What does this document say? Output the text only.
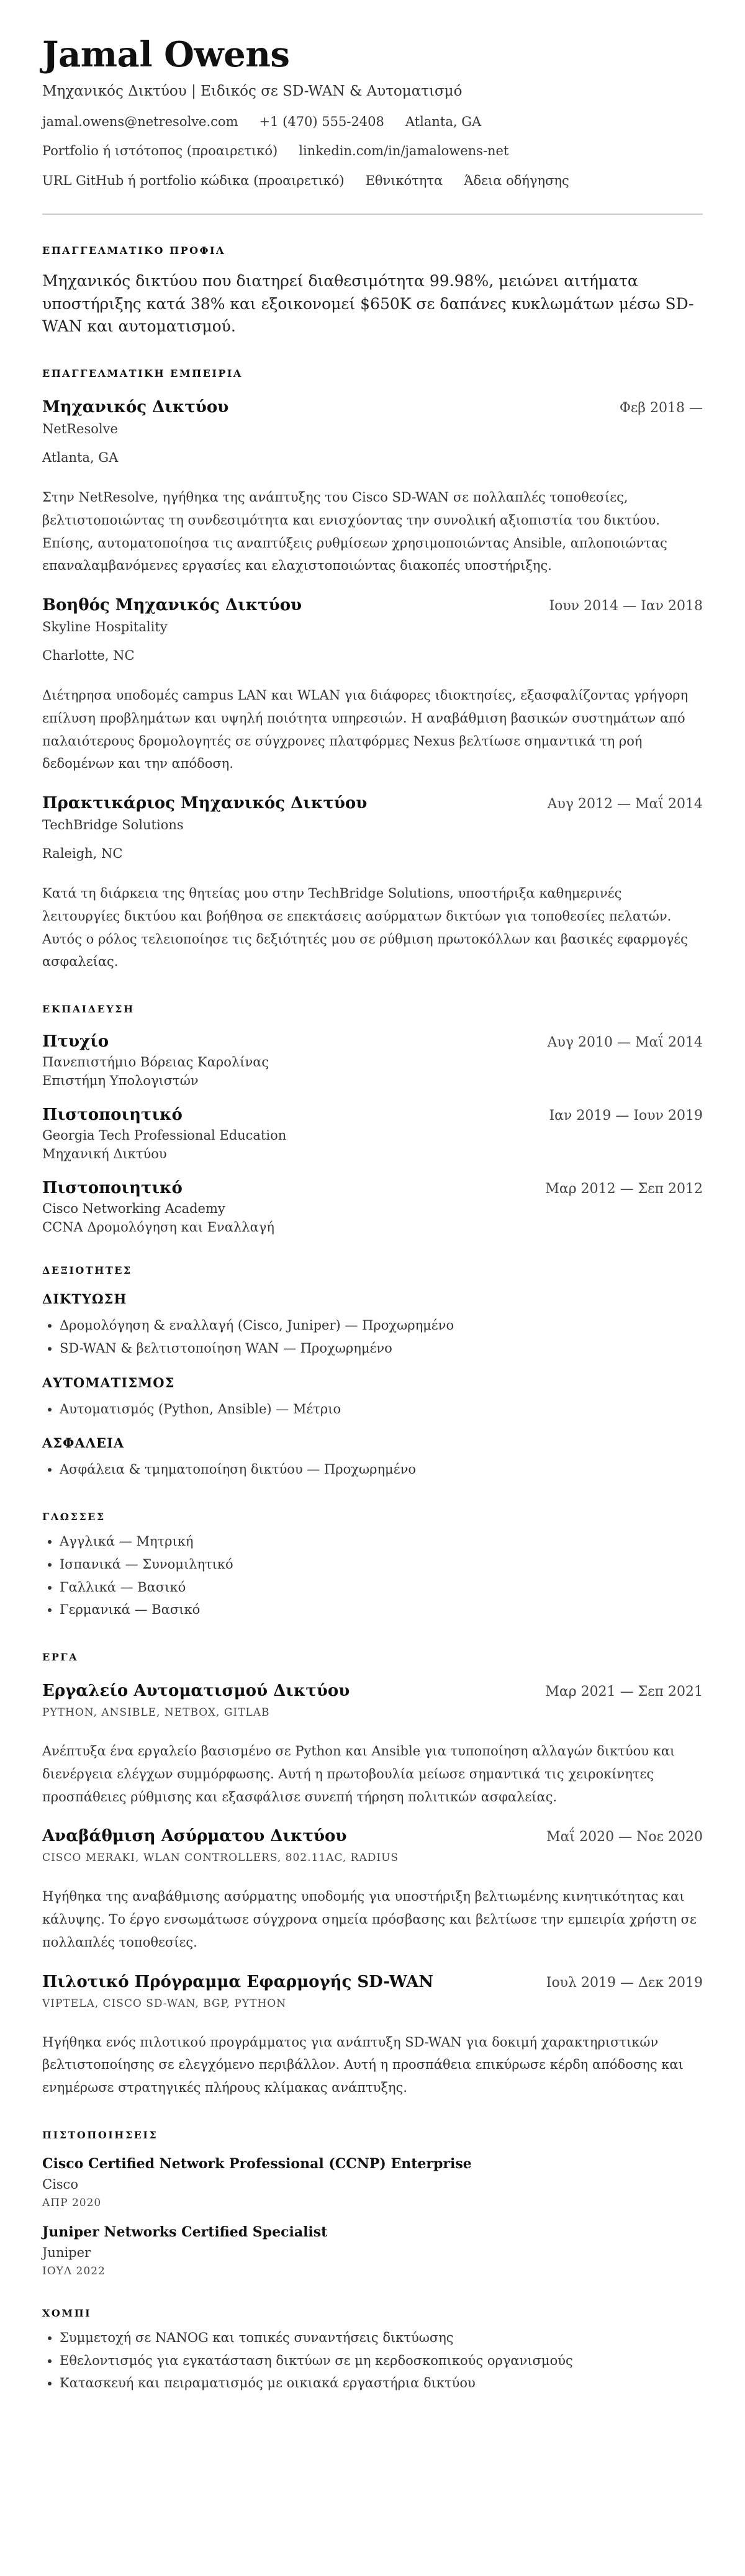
Jamal Owens
Μηχανικός Δικτύου | Ειδικός σε SD-WAN & Αυτοματισμό
jamal.owens@netresolve.com +1 (470) 555-2408 Atlanta, GA
Portfolio ή ιστότοπος (προαιρετικό) linkedin.com/in/jamalowens-net
URL GitHub ή portfolio κώδικα (προαιρετικό) Εθνικότητα Άδεια οδήγησης
ΕΠΑΓΓΕΛΜΑΤΙΚΟ ΠΡΟΦΙΛ

Μηχανικός δικτύου που διατηρεί διαθεσιμότητα 99.98%, μειώνει αιτήματα υποστήριξης κατά 38% και εξοικονομεί $650K σε δαπάνες κυκλωμάτων μέσω SD-WAN και αυτοματισμού.

ΕΠΑΓΓΕΛΜΑΤΙΚΗ ΕΜΠΕΙΡΙΑ
Μηχανικός Δικτύου	Φεβ 2018 —
NetResolve
Atlanta, GA

Στην NetResolve, ηγήθηκα της ανάπτυξης του Cisco SD-WAN σε πολλαπλές τοποθεσίες, βελτιστοποιώντας τη συνδεσιμότητα και ενισχύοντας την συνολική αξιοπιστία του δικτύου. Επίσης, αυτοματοποίησα τις αναπτύξεις ρυθμίσεων χρησιμοποιώντας Ansible, απλοποιώντας επαναλαμβανόμενες εργασίες και ελαχιστοποιώντας διακοπές υποστήριξης.

Βοηθός Μηχανικός Δικτύου	Ιουν 2014 — Ιαν 2018
Skyline Hospitality
Charlotte, NC

Διέτηρησα υποδομές campus LAN και WLAN για διάφορες ιδιοκτησίες, εξασφαλίζοντας γρήγορη επίλυση προβλημάτων και υψηλή ποιότητα υπηρεσιών. Η αναβάθμιση βασικών συστημάτων από παλαιότερους δρομολογητές σε σύγχρονες πλατφόρμες Nexus βελτίωσε σημαντικά τη ροή δεδομένων και την απόδοση.

Πρακτικάριος Μηχανικός Δικτύου	Αυγ 2012 — Μαΐ 2014
TechBridge Solutions
Raleigh, NC

Κατά τη διάρκεια της θητείας μου στην TechBridge Solutions, υποστήριξα καθημερινές λειτουργίες δικτύου και βοήθησα σε επεκτάσεις ασύρματων δικτύων για τοποθεσίες πελατών. Αυτός ο ρόλος τελειοποίησε τις δεξιότητές μου σε ρύθμιση πρωτοκόλλων και βασικές εφαρμογές ασφαλείας.

ΕΚΠΑΙΔΕΥΣΗ
Πτυχίο	Αυγ 2010 — Μαΐ 2014
Πανεπιστήμιο Βόρειας Καρολίνας
Επιστήμη Υπολογιστών
Πιστοποιητικό	Ιαν 2019 — Ιουν 2019
Georgia Tech Professional Education
Μηχανική Δικτύου
Πιστοποιητικό	Μαρ 2012 — Σεπ 2012
Cisco Networking Academy
CCNA Δρομολόγηση και Εναλλαγή
ΔΕΞΙΟΤΗΤΕΣ
ΔΙΚΤΥΩΣΗ
• Δρομολόγηση & εναλλαγή (Cisco, Juniper) — Προχωρημένο
• SD-WAN & βελτιστοποίηση WAN — Προχωρημένο
ΑΥΤΟΜΑΤΙΣΜΟΣ
• Αυτοματισμός (Python, Ansible) — Μέτριο
ΑΣΦΑΛΕΙΑ
• Ασφάλεια & τμηματοποίηση δικτύου — Προχωρημένο
ΓΛΩΣΣΕΣ
• Αγγλικά — Μητρική
• Ισπανικά — Συνομιλητικό
• Γαλλικά — Βασικό
• Γερμανικά — Βασικό
ΕΡΓΑ
Εργαλείο Αυτοματισμού Δικτύου	Μαρ 2021 — Σεπ 2021
PYTHON, ANSIBLE, NETBOX, GITLAB

Ανέπτυξα ένα εργαλείο βασισμένο σε Python και Ansible για τυποποίηση αλλαγών δικτύου και διενέργεια ελέγχων συμμόρφωσης. Αυτή η πρωτοβουλία μείωσε σημαντικά τις χειροκίνητες προσπάθειες ρύθμισης και εξασφάλισε συνεπή τήρηση πολιτικών ασφαλείας.

Αναβάθμιση Ασύρματου Δικτύου	Μαΐ 2020 — Νοε 2020
CISCO MERAKI, WLAN CONTROLLERS, 802.11AC, RADIUS

Ηγήθηκα της αναβάθμισης ασύρματης υποδομής για υποστήριξη βελτιωμένης κινητικότητας και κάλυψης. Το έργο ενσωμάτωσε σύγχρονα σημεία πρόσβασης και βελτίωσε την εμπειρία χρήστη σε πολλαπλές τοποθεσίες.

Πιλοτικό Πρόγραμμα Εφαρμογής SD-WAN	Ιουλ 2019 — Δεκ 2019
VIPTELA, CISCO SD-WAN, BGP, PYTHON

Ηγήθηκα ενός πιλοτικού προγράμματος για ανάπτυξη SD-WAN για δοκιμή χαρακτηριστικών βελτιστοποίησης σε ελεγχόμενο περιβάλλον. Αυτή η προσπάθεια επικύρωσε κέρδη απόδοσης και ενημέρωσε στρατηγικές πλήρους κλίμακας ανάπτυξης.

ΠΙΣΤΟΠΟΙΗΣΕΙΣ
Cisco Certified Network Professional (CCNP) Enterprise
Cisco
ΑΠΡ 2020
Juniper Networks Certified Specialist
Juniper
ΙΟΥΛ 2022
ΧΟΜΠΙ
• Συμμετοχή σε NANOG και τοπικές συναντήσεις δικτύωσης
• Εθελοντισμός για εγκατάσταση δικτύων σε μη κερδοσκοπικούς οργανισμούς
• Κατασκευή και πειραματισμός με οικιακά εργαστήρια δικτύου
